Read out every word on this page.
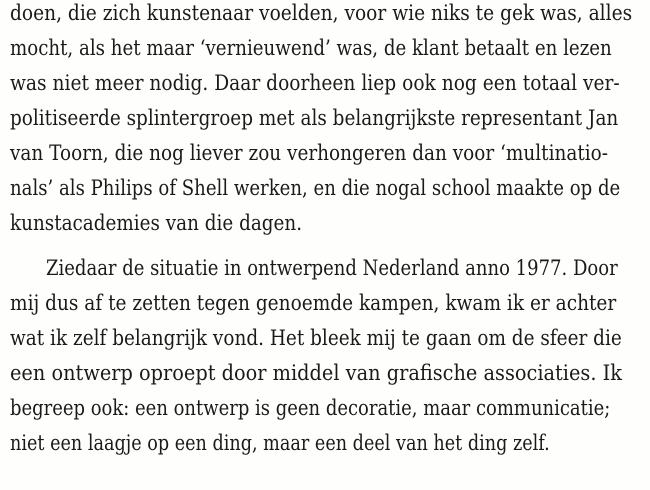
doen, die zich kunstenaar voelden, voor wie niks te gek was, alles
mocht, als het maar ‘vernieuwend’ was, de klant betaalt en lezen
was niet meer nodig. Daar doorheen liep ook nog een totaal ver-
politiseerde splintergroep met als belangrijkste representant Jan
van Toorn, die nog liever zou verhongeren dan voor ‘multinatio-
nals’ als Philips of Shell werken, en die nogal school maakte op de
kunstacademies van die dagen.
Ziedaar de situatie in ontwerpend Nederland anno 1977. Door
mij dus af te zetten tegen genoemde kampen, kwam ik er achter
wat ik zelf belangrijk vond. Het bleek mij te gaan om de sfeer die
een ontwerp oproept door middel van grafische associaties. Ik
begreep ook: een ontwerp is geen decoratie, maar communicatie;
niet een laagje op een ding, maar een deel van het ding zelf.
